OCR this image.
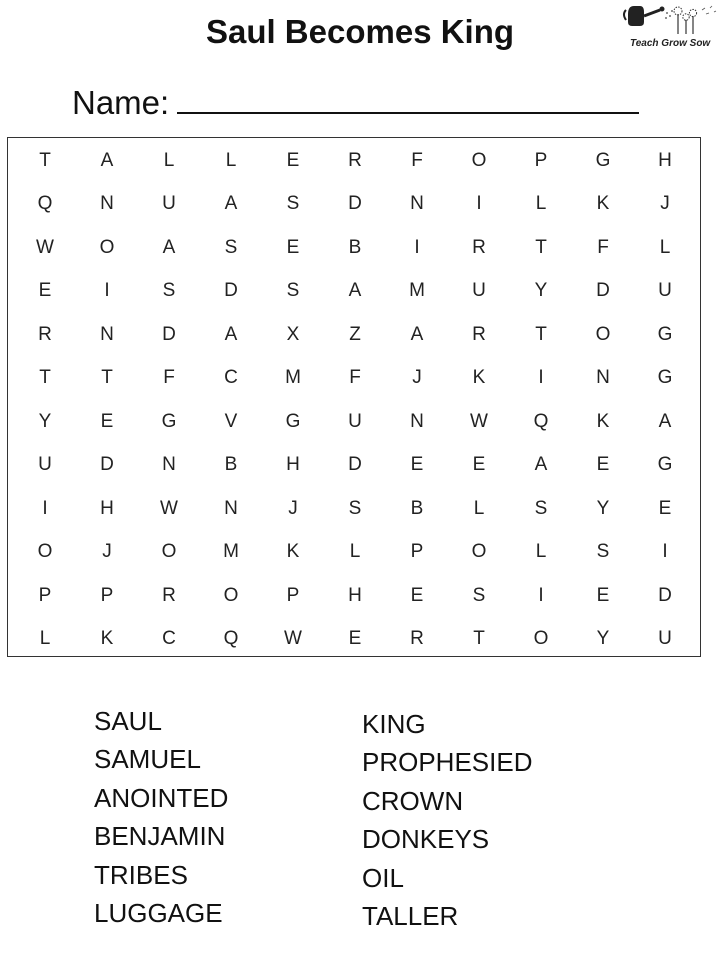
Saul Becomes King	Teach Grow Sow
Name:
T	A	L	L	E	R	F	O	P	G	H
Q	N	U	A	S	D	N	I	L	K	J
W	O	A	S	E	B	I	R	T	F	L
E	I	S	D	S	A	M	U	Y	D	U
R	N	D	A	X	Z	A	R	T	O	G
T	T	F	C	M	F	J	K	I	N	G
Y	E	G	V	G	U	N	W	Q	K	A
U	D	N	B	H	D	E	E	A	E	G
I	H	W	N	J	S	B	L	S	Y	E
O	J	O	M	K	L	P	O	L	S	I
P	P	R	O	P	H	E	S	I	E	D
L	K	C	Q	W	E	R	T	O	Y	U
SAUL
SAMUEL
ANOINTED
BENJAMIN
TRIBES
LUGGAGE
KING
PROPHESIED
CROWN
DONKEYS
OIL
TALLER
